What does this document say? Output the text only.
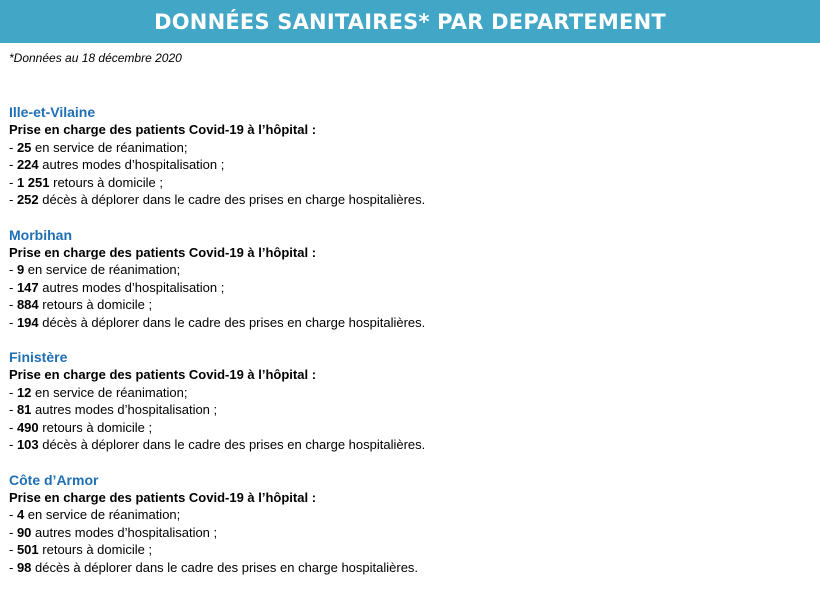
DONNÉES SANITAIRES* PAR DEPARTEMENT
*Données au 18 décembre 2020
Ille-et-Vilaine
Prise en charge des patients Covid-19 à l’hôpital :
- 25 en service de réanimation;
- 224 autres modes d’hospitalisation ;
- 1 251 retours à domicile ;
- 252 décès à déplorer dans le cadre des prises en charge hospitalières.
Morbihan
Prise en charge des patients Covid-19 à l’hôpital :
- 9 en service de réanimation;
- 147 autres modes d’hospitalisation ;
- 884 retours à domicile ;
- 194 décès à déplorer dans le cadre des prises en charge hospitalières.
Finistère
Prise en charge des patients Covid-19 à l’hôpital :
- 12 en service de réanimation;
- 81 autres modes d’hospitalisation ;
- 490 retours à domicile ;
- 103 décès à déplorer dans le cadre des prises en charge hospitalières.
Côte d’Armor
Prise en charge des patients Covid-19 à l’hôpital :
- 4 en service de réanimation;
- 90 autres modes d’hospitalisation ;
- 501 retours à domicile ;
- 98 décès à déplorer dans le cadre des prises en charge hospitalières.
